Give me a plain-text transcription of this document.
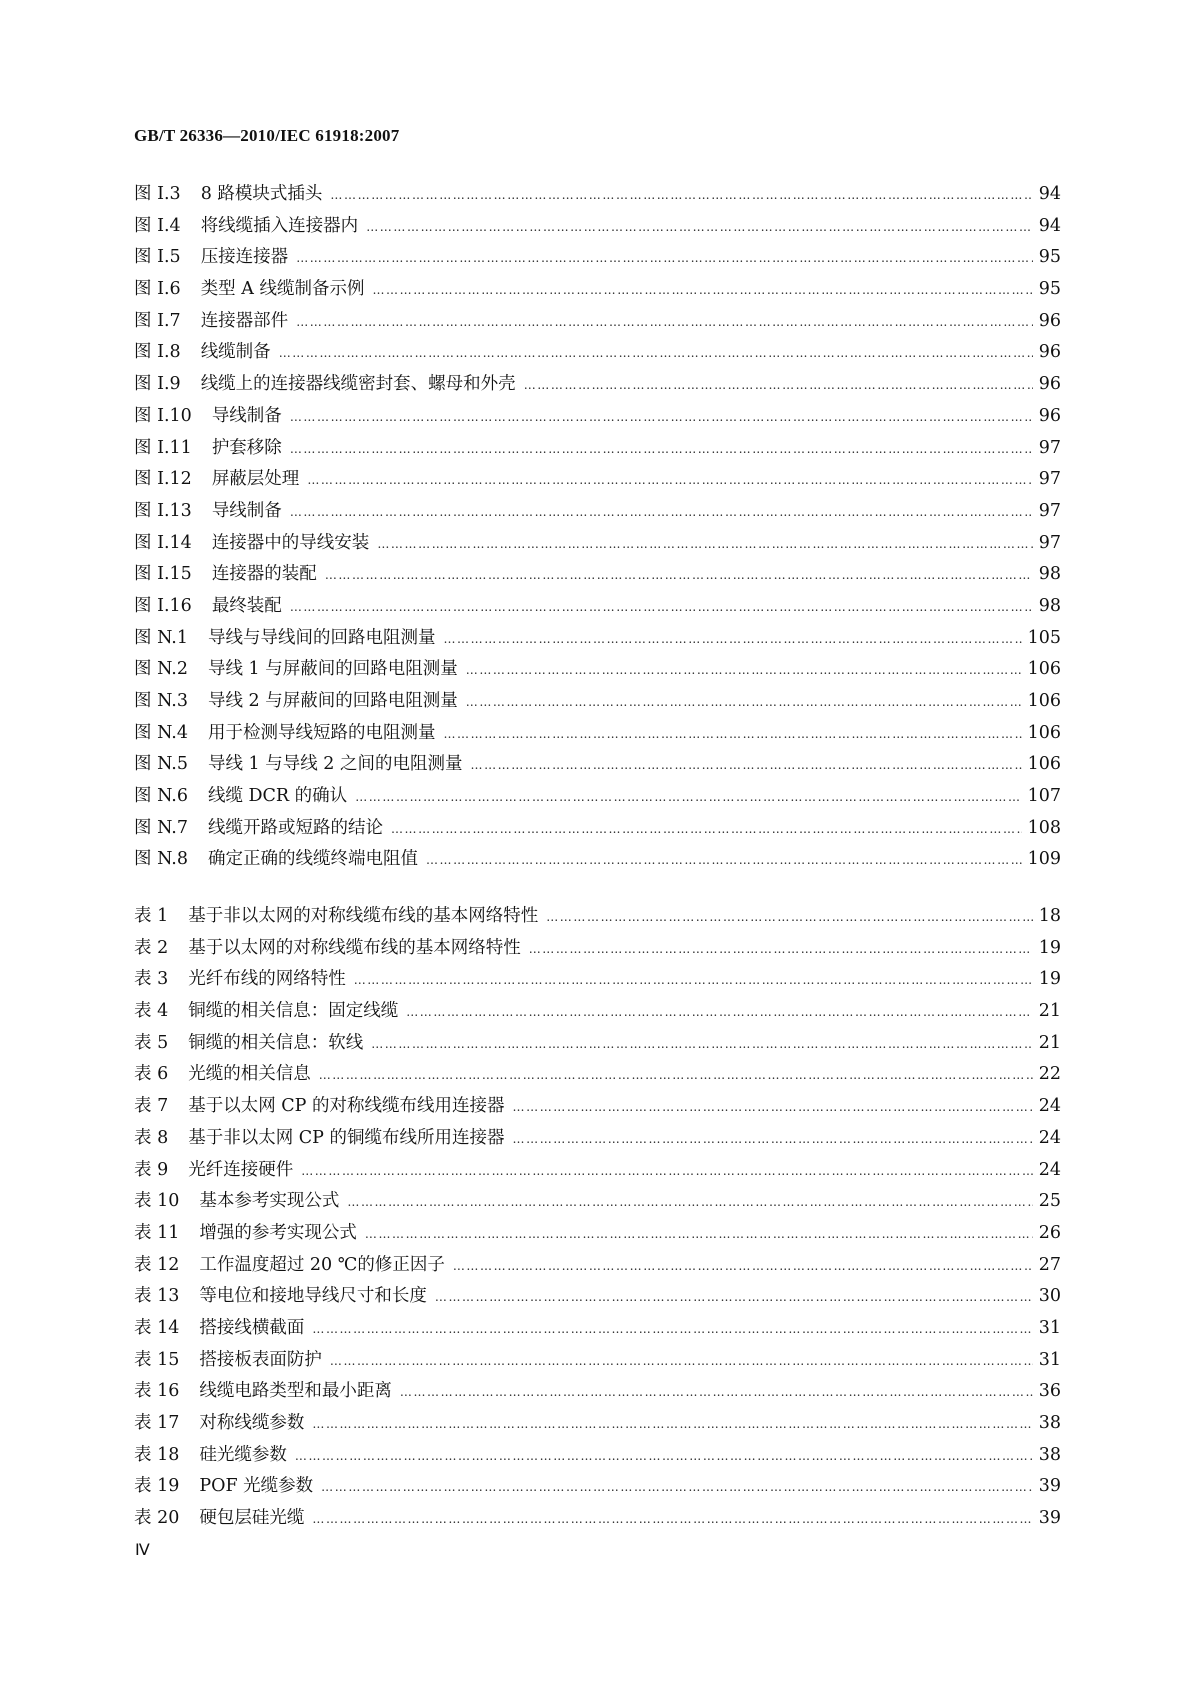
GB/T 26336—2010/IEC 61918:2007
图 I.3 8 路模块式插头 …………………………………………………………………………………………………………………………………………………………………………	94
图 I.4 将线缆插入连接器内 …………………………………………………………………………………………………………………………………………………………………………	94
图 I.5 压接连接器 …………………………………………………………………………………………………………………………………………………………………………	95
图 I.6 类型 A 线缆制备示例 …………………………………………………………………………………………………………………………………………………………………………	95
图 I.7 连接器部件 …………………………………………………………………………………………………………………………………………………………………………	96
图 I.8 线缆制备 …………………………………………………………………………………………………………………………………………………………………………	96
图 I.9 线缆上的连接器线缆密封套、螺母和外壳 …………………………………………………………………………………………………………………………………………………………………………	96
图 I.10 导线制备 …………………………………………………………………………………………………………………………………………………………………………	96
图 I.11 护套移除 …………………………………………………………………………………………………………………………………………………………………………	97
图 I.12 屏蔽层处理 …………………………………………………………………………………………………………………………………………………………………………	97
图 I.13 导线制备 …………………………………………………………………………………………………………………………………………………………………………	97
图 I.14 连接器中的导线安装 …………………………………………………………………………………………………………………………………………………………………………	97
图 I.15 连接器的装配 …………………………………………………………………………………………………………………………………………………………………………	98
图 I.16 最终装配 …………………………………………………………………………………………………………………………………………………………………………	98
图 N.1 导线与导线间的回路电阻测量 …………………………………………………………………………………………………………………………………………………………………………	105
图 N.2 导线 1 与屏蔽间的回路电阻测量 …………………………………………………………………………………………………………………………………………………………………………	106
图 N.3 导线 2 与屏蔽间的回路电阻测量 …………………………………………………………………………………………………………………………………………………………………………	106
图 N.4 用于检测导线短路的电阻测量 …………………………………………………………………………………………………………………………………………………………………………	106
图 N.5 导线 1 与导线 2 之间的电阻测量 …………………………………………………………………………………………………………………………………………………………………………	106
图 N.6 线缆 DCR 的确认 …………………………………………………………………………………………………………………………………………………………………………	107
图 N.7 线缆开路或短路的结论 …………………………………………………………………………………………………………………………………………………………………………	108
图 N.8 确定正确的线缆终端电阻值 …………………………………………………………………………………………………………………………………………………………………………	109
表 1 基于非以太网的对称线缆布线的基本网络特性 …………………………………………………………………………………………………………………………………………………………………………	18
表 2 基于以太网的对称线缆布线的基本网络特性 …………………………………………………………………………………………………………………………………………………………………………	19
表 3 光纤布线的网络特性 …………………………………………………………………………………………………………………………………………………………………………	19
表 4 铜缆的相关信息：固定线缆 …………………………………………………………………………………………………………………………………………………………………………	21
表 5 铜缆的相关信息：软线 …………………………………………………………………………………………………………………………………………………………………………	21
表 6 光缆的相关信息 …………………………………………………………………………………………………………………………………………………………………………	22
表 7 基于以太网 CP 的对称线缆布线用连接器 …………………………………………………………………………………………………………………………………………………………………………	24
表 8 基于非以太网 CP 的铜缆布线所用连接器 …………………………………………………………………………………………………………………………………………………………………………	24
表 9 光纤连接硬件 …………………………………………………………………………………………………………………………………………………………………………	24
表 10 基本参考实现公式 …………………………………………………………………………………………………………………………………………………………………………	25
表 11 增强的参考实现公式 …………………………………………………………………………………………………………………………………………………………………………	26
表 12 工作温度超过 20 ℃的修正因子 …………………………………………………………………………………………………………………………………………………………………………	27
表 13 等电位和接地导线尺寸和长度 …………………………………………………………………………………………………………………………………………………………………………	30
表 14 搭接线横截面 …………………………………………………………………………………………………………………………………………………………………………	31
表 15 搭接板表面防护 …………………………………………………………………………………………………………………………………………………………………………	31
表 16 线缆电路类型和最小距离 …………………………………………………………………………………………………………………………………………………………………………	36
表 17 对称线缆参数 …………………………………………………………………………………………………………………………………………………………………………	38
表 18 硅光缆参数 …………………………………………………………………………………………………………………………………………………………………………	38
表 19 POF 光缆参数 …………………………………………………………………………………………………………………………………………………………………………	39
表 20 硬包层硅光缆 …………………………………………………………………………………………………………………………………………………………………………	39
Ⅳ
